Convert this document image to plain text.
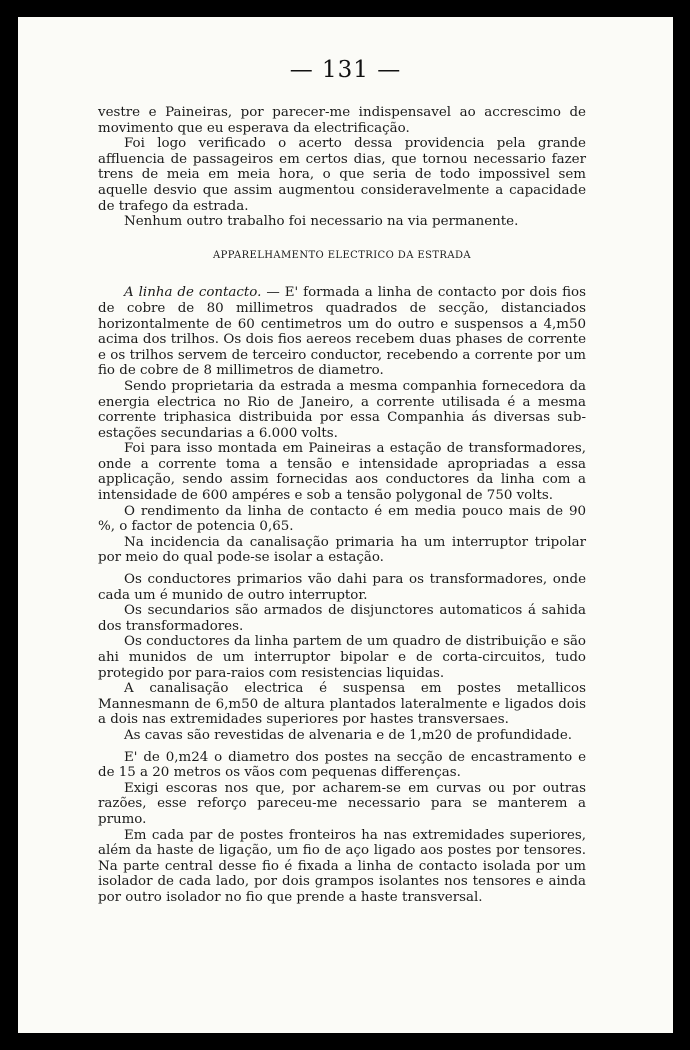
— 131 —

vestre e Paineiras, por parecer-me indispensavel ao accrescimo de movimento que eu esperava da electrificação.

Foi logo verificado o acerto dessa providencia pela grande affluencia de passageiros em certos dias, que tornou necessario fazer trens de meia em meia hora, o que seria de todo impossivel sem aquelle desvio que assim augmentou consideravelmente a capacidade de trafego da estrada.

Nenhum outro trabalho foi necessario na via permanente.

APPARELHAMENTO ELECTRICO DA ESTRADA

A linha de contacto. — E' formada a linha de contacto por dois fios de cobre de 80 millimetros quadrados de secção, distanciados horizontalmente de 60 centimetros um do outro e suspensos a 4,m50 acima dos trilhos. Os dois fios aereos recebem duas phases de corrente e os trilhos servem de terceiro conductor, recebendo a corrente por um fio de cobre de 8 millimetros de diametro.

Sendo proprietaria da estrada a mesma companhia fornecedora da energia electrica no Rio de Janeiro, a corrente utilisada é a mesma corrente triphasica distribuida por essa Companhia ás diversas sub-estações secundarias a 6.000 volts.

Foi para isso montada em Paineiras a estação de transformadores, onde a corrente toma a tensão e intensidade apropriadas a essa applicação, sendo assim fornecidas aos conductores da linha com a intensidade de 600 ampéres e sob a tensão polygonal de 750 volts.

O rendimento da linha de contacto é em media pouco mais de 90 %, o factor de potencia 0,65.

Na incidencia da canalisação primaria ha um interruptor tripolar por meio do qual pode-se isolar a estação.

Os conductores primarios vão dahi para os transformadores, onde cada um é munido de outro interruptor.

Os secundarios são armados de disjunctores automaticos á sahida dos transformadores.

Os conductores da linha partem de um quadro de distribuição e são ahi munidos de um interruptor bipolar e de corta-circuitos, tudo protegido por para-raios com resistencias liquidas.

A canalisação electrica é suspensa em postes metallicos Mannesmann de 6,m50 de altura plantados lateralmente e ligados dois a dois nas extremidades superiores por hastes transversaes.

As cavas são revestidas de alvenaria e de 1,m20 de profundidade.

E' de 0,m24 o diametro dos postes na secção de encastramento e de 15 a 20 metros os vãos com pequenas differenças.

Exigi escoras nos que, por acharem-se em curvas ou por outras razões, esse reforço pareceu-me necessario para se manterem a prumo.

Em cada par de postes fronteiros ha nas extremidades superiores, além da haste de ligação, um fio de aço ligado aos postes por tensores. Na parte central desse fio é fixada a linha de contacto isolada por um isolador de cada lado, por dois grampos isolantes nos tensores e ainda por outro isolador no fio que prende a haste transversal.
